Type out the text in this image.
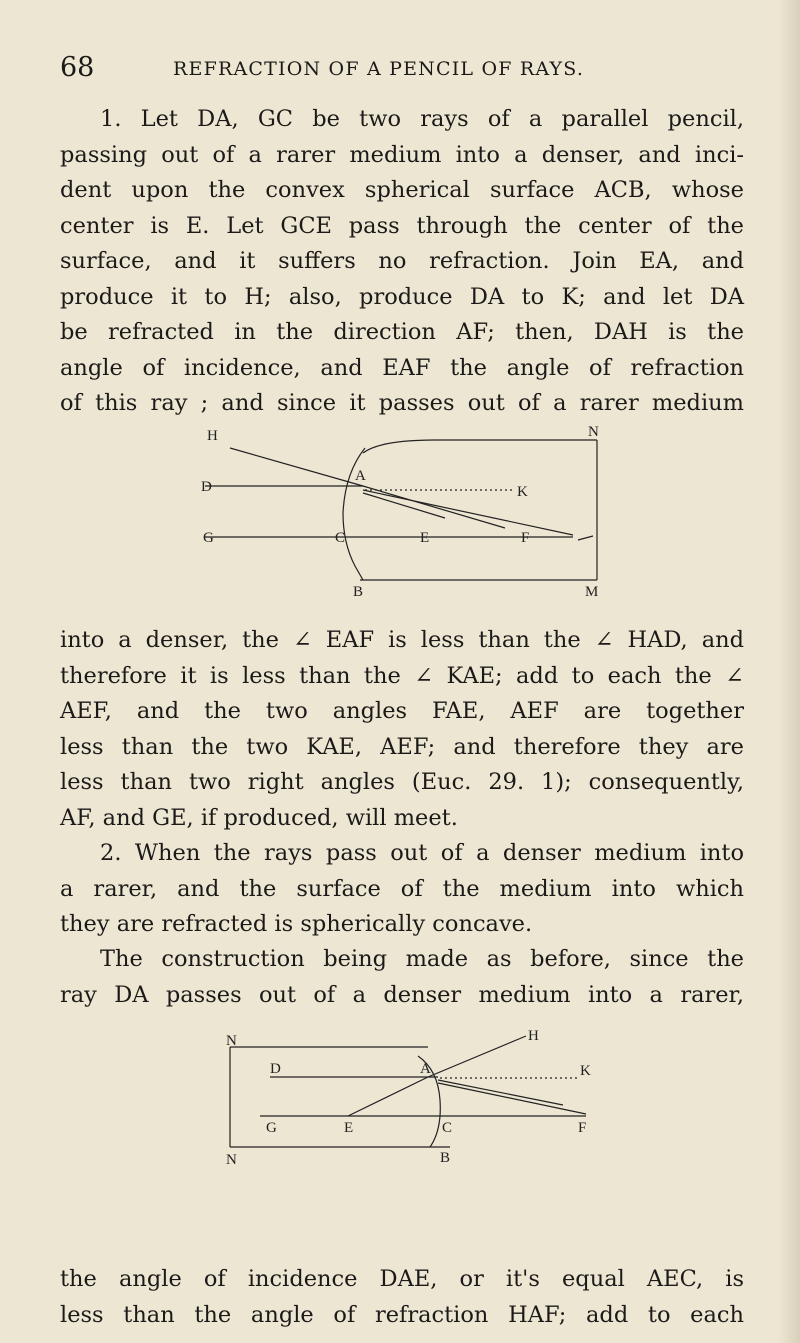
68	REFRACTION OF A PENCIL OF RAYS.
1. Let DA, GC be two rays of a parallel pencil,
passing out of a rarer medium into a denser, and inci-
dent upon the convex spherical surface ACB, whose
center is E. Let GCE pass through the center of the
surface, and it suffers no refraction. Join EA, and
produce it to H; also, produce DA to K; and let DA
be refracted in the direction AF; then, DAH is the
angle of incidence, and EAF the angle of refraction
of this ray ; and since it passes out of a rarer medium
H	N
D
A
K
G	C	E	F
B	M
into a denser, the ∠ EAF is less than the ∠ HAD, and
therefore it is less than the ∠ KAE; add to each the ∠
AEF, and the two angles FAE, AEF are together
less than the two KAE, AEF; and therefore they are
less than two right angles (Euc. 29. 1); consequently,
AF, and GE, if produced, will meet.
2. When the rays pass out of a denser medium into
a rarer, and the surface of the medium into which
they are refracted is spherically concave.
The construction being made as before, since the
ray DA passes out of a denser medium into a rarer,
N	H
D	A	K
G	E	C	F
N	B
the angle of incidence DAE, or it's equal AEC, is
less than the angle of refraction HAF; add to each
